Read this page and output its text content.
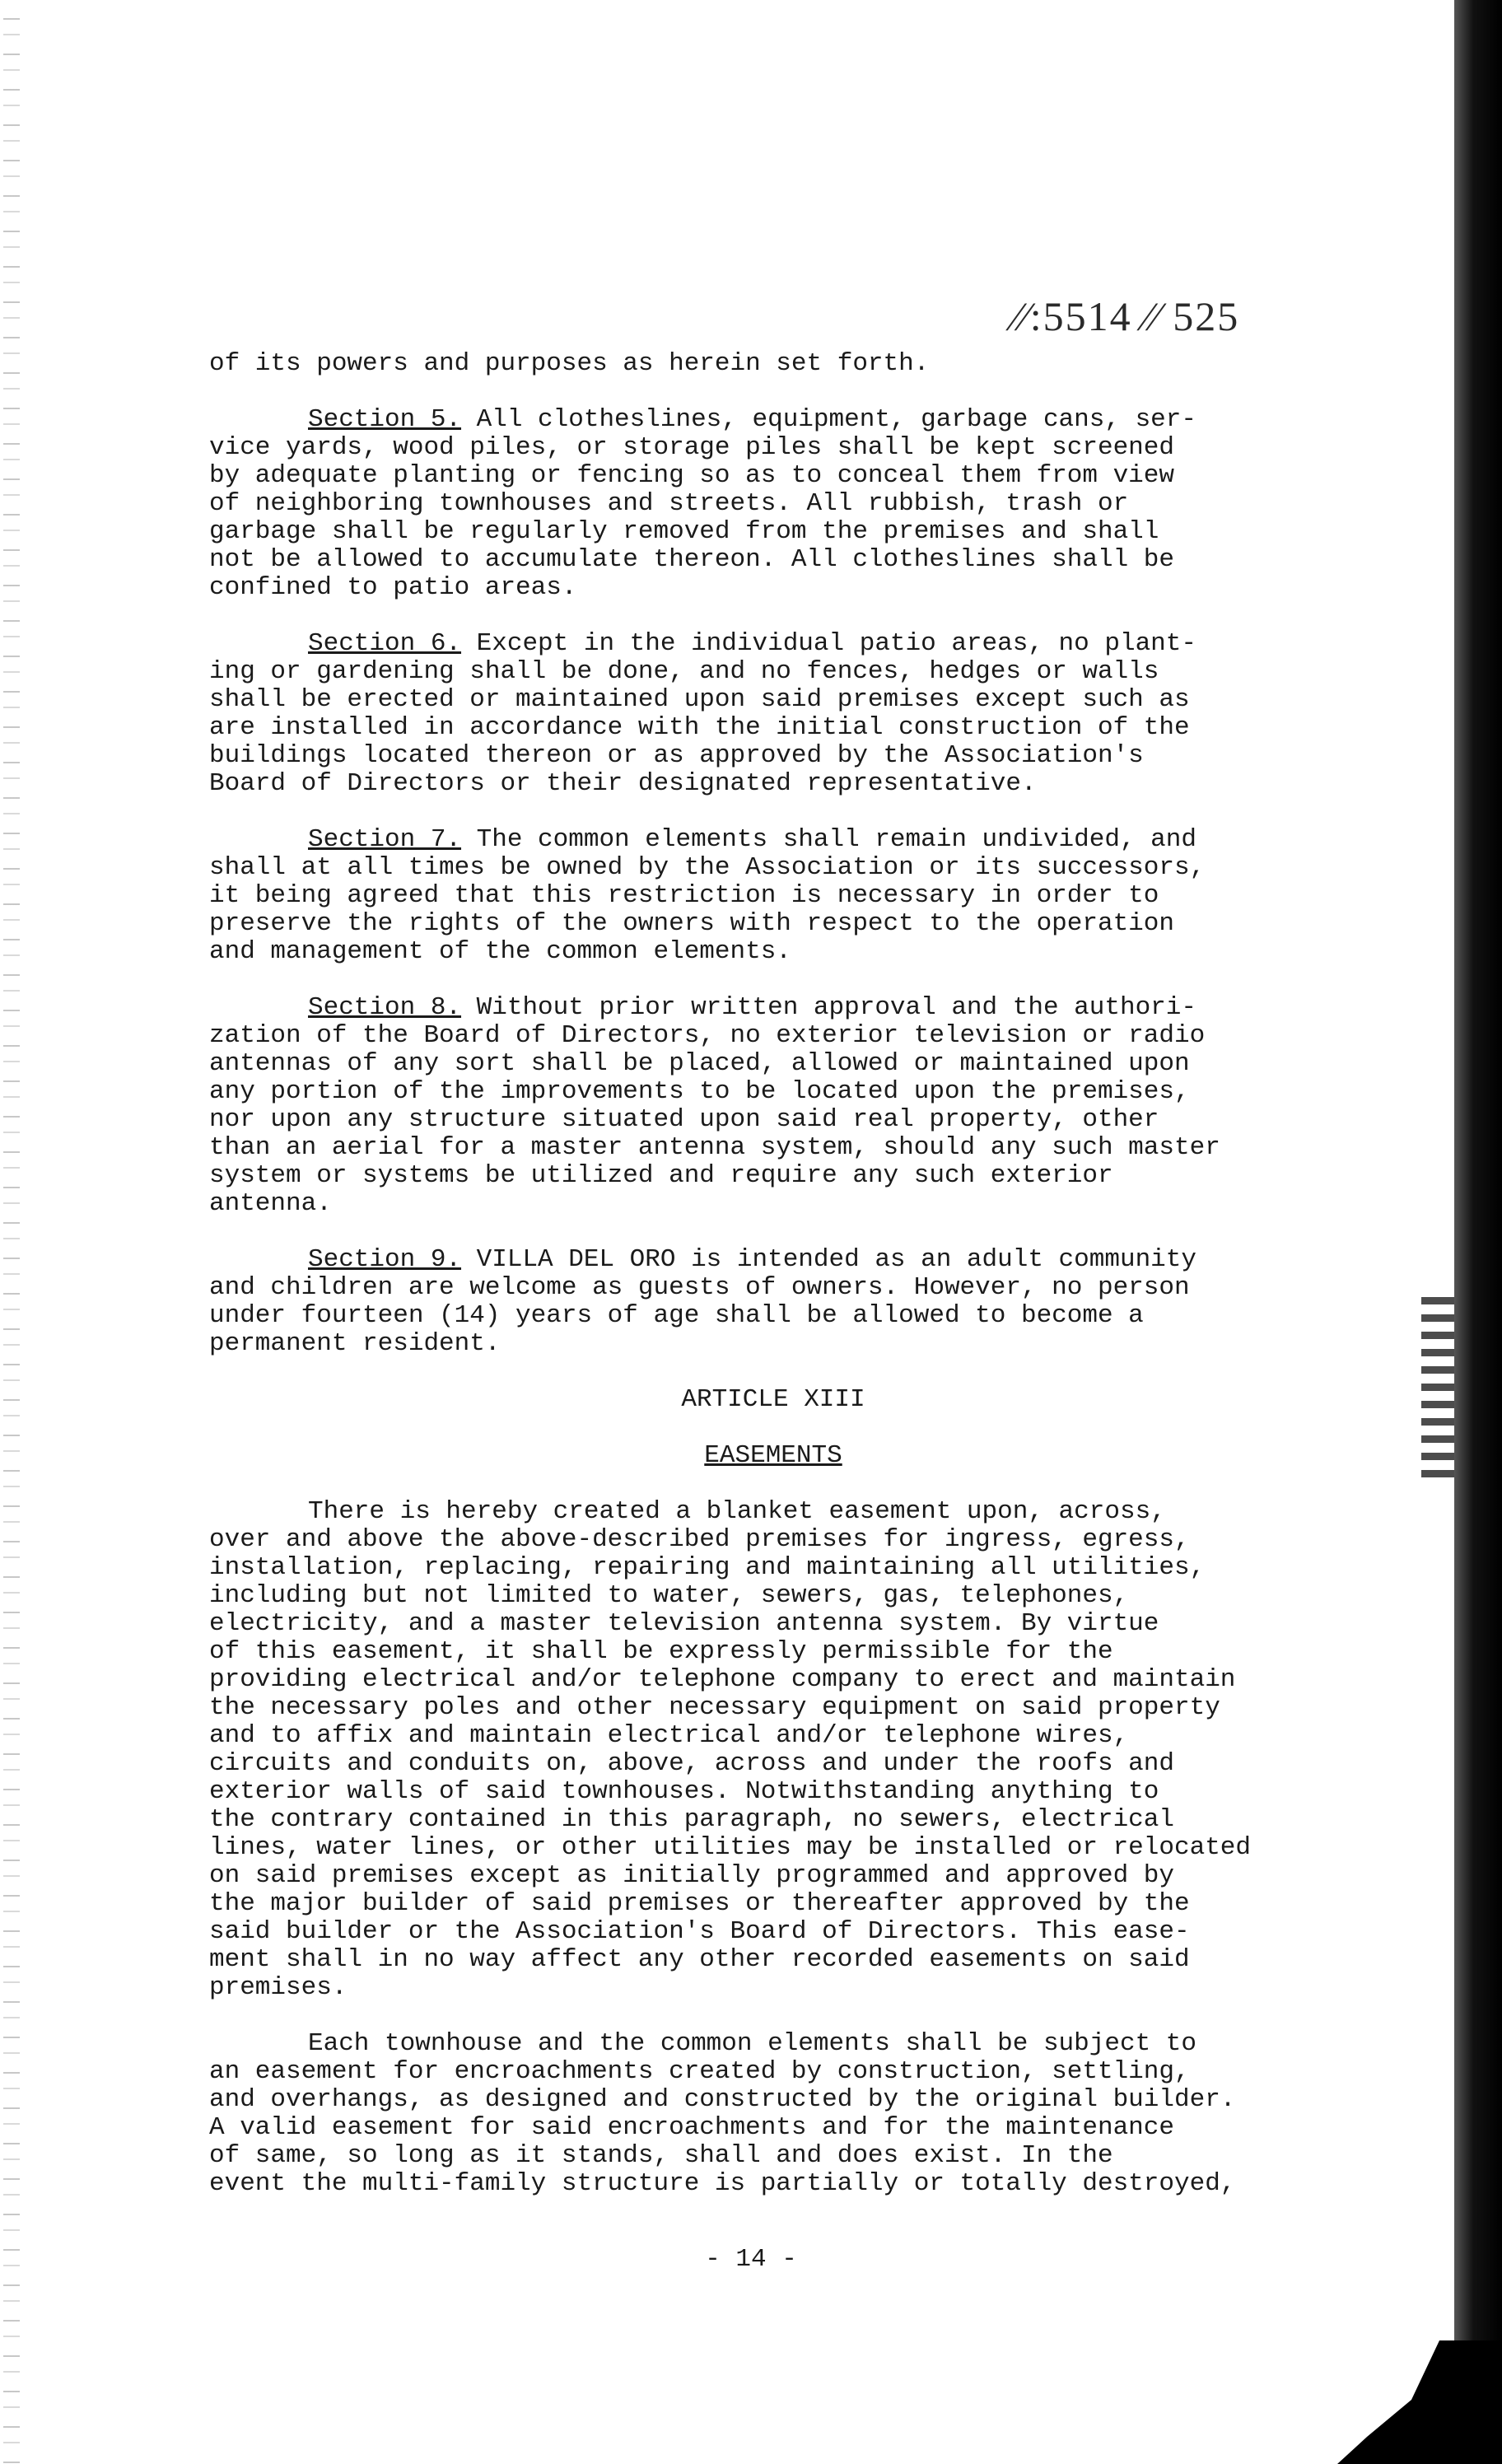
⁄⁄:5514 ⁄⁄ 525

of its powers and purposes as herein set forth.

Section 5. All clotheslines, equipment, garbage cans, ser-
vice yards, wood piles, or storage piles shall be kept screened
by adequate planting or fencing so as to conceal them from view
of neighboring townhouses and streets. All rubbish, trash or
garbage shall be regularly removed from the premises and shall
not be allowed to accumulate thereon. All clotheslines shall be
confined to patio areas.

Section 6. Except in the individual patio areas, no plant-
ing or gardening shall be done, and no fences, hedges or walls
shall be erected or maintained upon said premises except such as
are installed in accordance with the initial construction of the
buildings located thereon or as approved by the Association's
Board of Directors or their designated representative.

Section 7. The common elements shall remain undivided, and
shall at all times be owned by the Association or its successors,
it being agreed that this restriction is necessary in order to
preserve the rights of the owners with respect to the operation
and management of the common elements.

Section 8. Without prior written approval and the authori-
zation of the Board of Directors, no exterior television or radio
antennas of any sort shall be placed, allowed or maintained upon
any portion of the improvements to be located upon the premises,
nor upon any structure situated upon said real property, other
than an aerial for a master antenna system, should any such master
system or systems be utilized and require any such exterior
antenna.

Section 9. VILLA DEL ORO is intended as an adult community
and children are welcome as guests of owners. However, no person
under fourteen (14) years of age shall be allowed to become a
permanent resident.

ARTICLE XIII

EASEMENTS

There is hereby created a blanket easement upon, across,
over and above the above-described premises for ingress, egress,
installation, replacing, repairing and maintaining all utilities,
including but not limited to water, sewers, gas, telephones,
electricity, and a master television antenna system. By virtue
of this easement, it shall be expressly permissible for the
providing electrical and/or telephone company to erect and maintain
the necessary poles and other necessary equipment on said property
and to affix and maintain electrical and/or telephone wires,
circuits and conduits on, above, across and under the roofs and
exterior walls of said townhouses. Notwithstanding anything to
the contrary contained in this paragraph, no sewers, electrical
lines, water lines, or other utilities may be installed or relocated
on said premises except as initially programmed and approved by
the major builder of said premises or thereafter approved by the
said builder or the Association's Board of Directors. This ease-
ment shall in no way affect any other recorded easements on said
premises.

Each townhouse and the common elements shall be subject to
an easement for encroachments created by construction, settling,
and overhangs, as designed and constructed by the original builder.
A valid easement for said encroachments and for the maintenance
of same, so long as it stands, shall and does exist. In the
event the multi-family structure is partially or totally destroyed,

- 14 -
